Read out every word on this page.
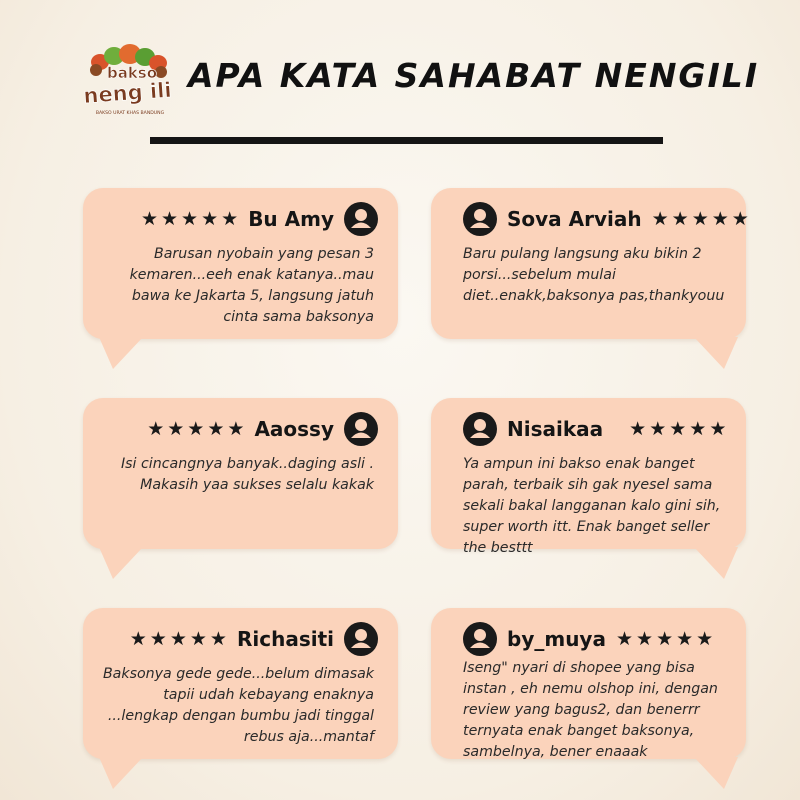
bakso
neng ili
BAKSO URAT KHAS BANDUNG
APA KATA SAHABAT NENGILI
★ ★ ★ ★ ★ Bu Amy
Barusan nyobain yang pesan 3 kemaren...eeh enak katanya..mau bawa ke Jakarta 5, langsung jatuh cinta sama baksonya
Sova Arviah ★ ★ ★ ★ ★
Baru pulang langsung aku bikin 2 porsi...sebelum mulai diet..enakk,baksonya pas,thankyouu
★ ★ ★ ★ ★ Aaossy
Isi cincangnya banyak..daging asli . Makasih yaa sukses selalu kakak
Nisaikaa ★ ★ ★ ★ ★
Ya ampun ini bakso enak banget parah, terbaik sih gak nyesel sama sekali bakal langganan kalo gini sih, super worth itt. Enak banget seller the besttt
★ ★ ★ ★ ★ Richasiti
Baksonya gede gede...belum dimasak tapii udah kebayang enaknya ...lengkap dengan bumbu jadi tinggal rebus aja...mantaf
by_muya ★ ★ ★ ★ ★
Iseng" nyari di shopee yang bisa instan , eh nemu olshop ini, dengan review yang bagus2, dan benerrr ternyata enak banget baksonya, sambelnya, bener enaaak
